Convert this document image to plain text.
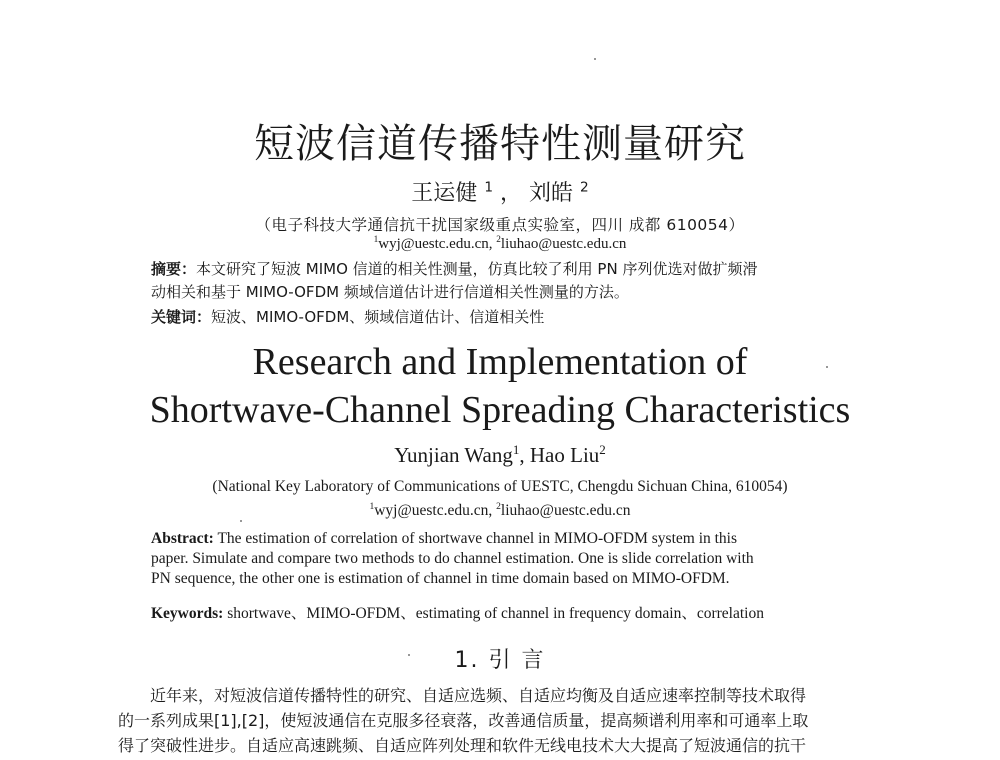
短波信道传播特性测量研究
王运健 $^1$ ， 刘皓 $^2$
（电子科技大学通信抗干扰国家级重点实验室，四川 成都 610054）
$^1$wyj@uestc.edu.cn, $^2$liuhao@uestc.edu.cn
摘要：本文研究了短波 MIMO 信道的相关性测量，仿真比较了利用 PN 序列优选对做扩频滑
动相关和基于 MIMO-OFDM 频域信道估计进行信道相关性测量的方法。
关键词：短波、MIMO-OFDM、频域信道估计、信道相关性
Research and Implementation of
Shortwave-Channel Spreading Characteristics
Yunjian Wang$^1$, Hao Liu$^2$
(National Key Laboratory of Communications of UESTC, Chengdu Sichuan China, 610054)
$^1$wyj@uestc.edu.cn, $^2$liuhao@uestc.edu.cn
Abstract: The estimation of correlation of shortwave channel in MIMO-OFDM system in this
paper. Simulate and compare two methods to do channel estimation. One is slide correlation with
PN sequence, the other one is estimation of channel in time domain based on MIMO-OFDM.
Keywords: shortwave、MIMO-OFDM、estimating of channel in frequency domain、correlation
1. 引 言
近年来，对短波信道传播特性的研究、自适应选频、自适应均衡及自适应速率控制等技术取得
的一系列成果[1],[2]，使短波通信在克服多径衰落，改善通信质量，提高频谱利用率和可通率上取
得了突破性进步。自适应高速跳频、自适应阵列处理和软件无线电技术大大提高了短波通信的抗干
